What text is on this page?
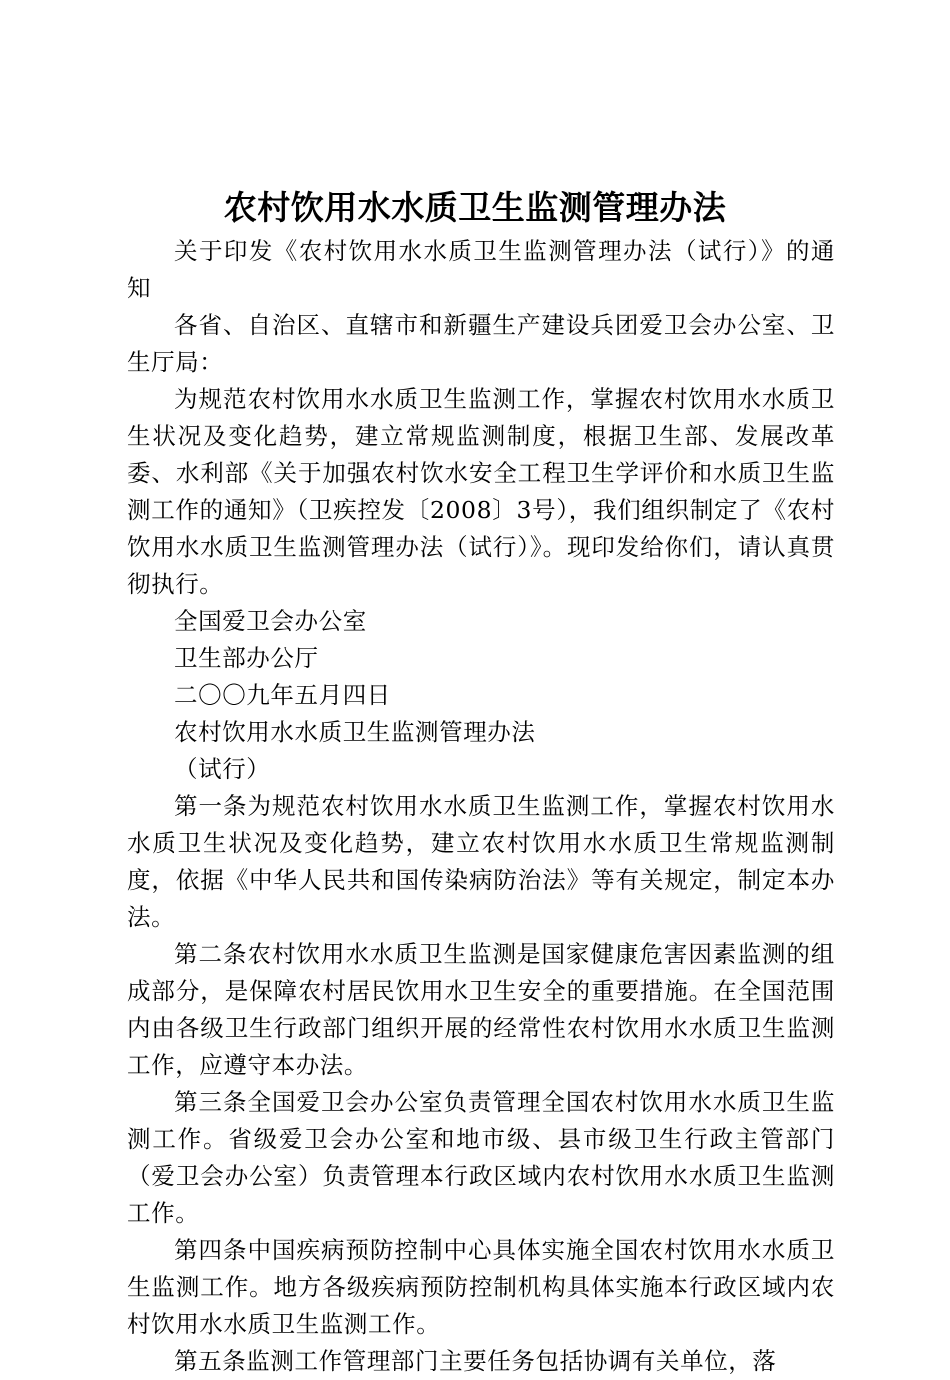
农村饮用水水质卫生监测管理办法

关于印发《农村饮用水水质卫生监测管理办法（试行）》的通知

各省、自治区、直辖市和新疆生产建设兵团爱卫会办公室、卫生厅局：

为规范农村饮用水水质卫生监测工作，掌握农村饮用水水质卫生状况及变化趋势，建立常规监测制度，根据卫生部、发展改革委、水利部《关于加强农村饮水安全工程卫生学评价和水质卫生监测工作的通知》（卫疾控发〔2008〕3号），我们组织制定了《农村饮用水水质卫生监测管理办法（试行）》。现印发给你们，请认真贯彻执行。

全国爱卫会办公室

卫生部办公厅

二〇〇九年五月四日

农村饮用水水质卫生监测管理办法

（试行）

第一条为规范农村饮用水水质卫生监测工作，掌握农村饮用水水质卫生状况及变化趋势，建立农村饮用水水质卫生常规监测制度，依据《中华人民共和国传染病防治法》等有关规定，制定本办法。

第二条农村饮用水水质卫生监测是国家健康危害因素监测的组成部分，是保障农村居民饮用水卫生安全的重要措施。在全国范围内由各级卫生行政部门组织开展的经常性农村饮用水水质卫生监测工作，应遵守本办法。

第三条全国爱卫会办公室负责管理全国农村饮用水水质卫生监测工作。省级爱卫会办公室和地市级、县市级卫生行政主管部门（爱卫会办公室）负责管理本行政区域内农村饮用水水质卫生监测工作。

第四条中国疾病预防控制中心具体实施全国农村饮用水水质卫生监测工作。地方各级疾病预防控制机构具体实施本行政区域内农村饮用水水质卫生监测工作。

第五条监测工作管理部门主要任务包括协调有关单位，落
